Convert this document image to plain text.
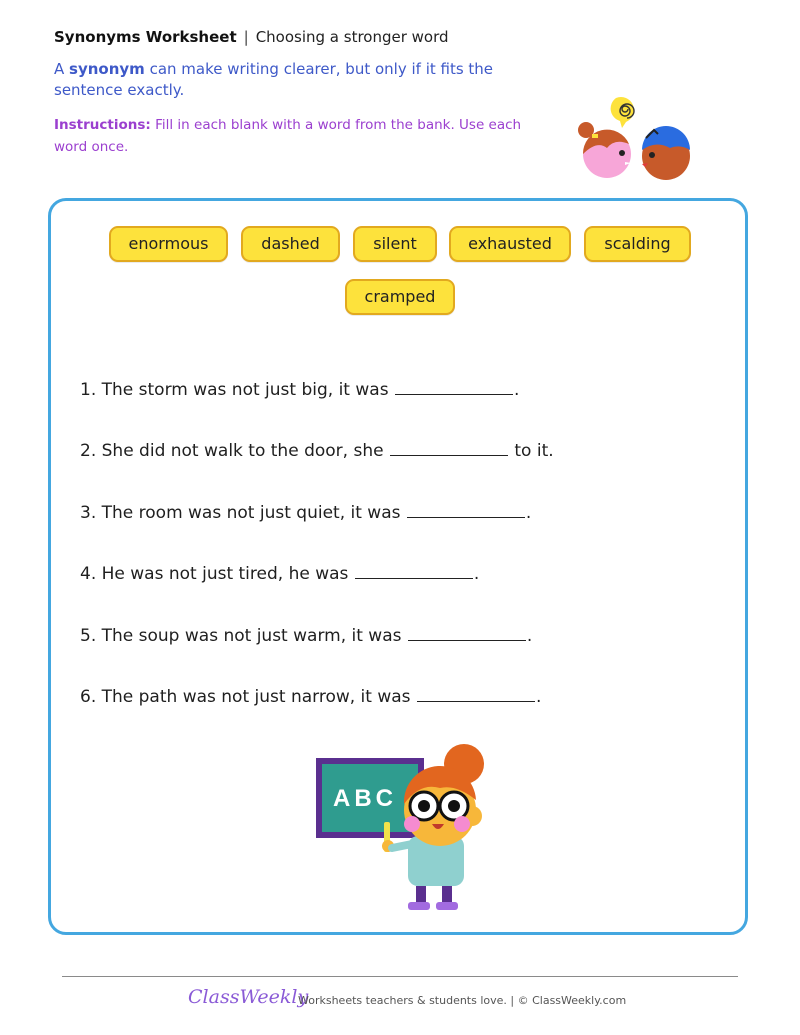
Synonyms Worksheet | Choosing a stronger word
A synonym can make writing clearer, but only if it fits the sentence exactly.
Instructions: Fill in each blank with a word from the bank. Use each word once.
enormous	dashed	silent	exhausted	scalding
cramped
1. The storm was not just big, it was	.
2. She did not walk to the door, she	to it.
3. The room was not just quiet, it was	.
4. He was not just tired, he was	.
5. The soup was not just warm, it was	.
6. The path was not just narrow, it was	.
ABC
ClassWeekly
Worksheets teachers & students love. | © ClassWeekly.com
